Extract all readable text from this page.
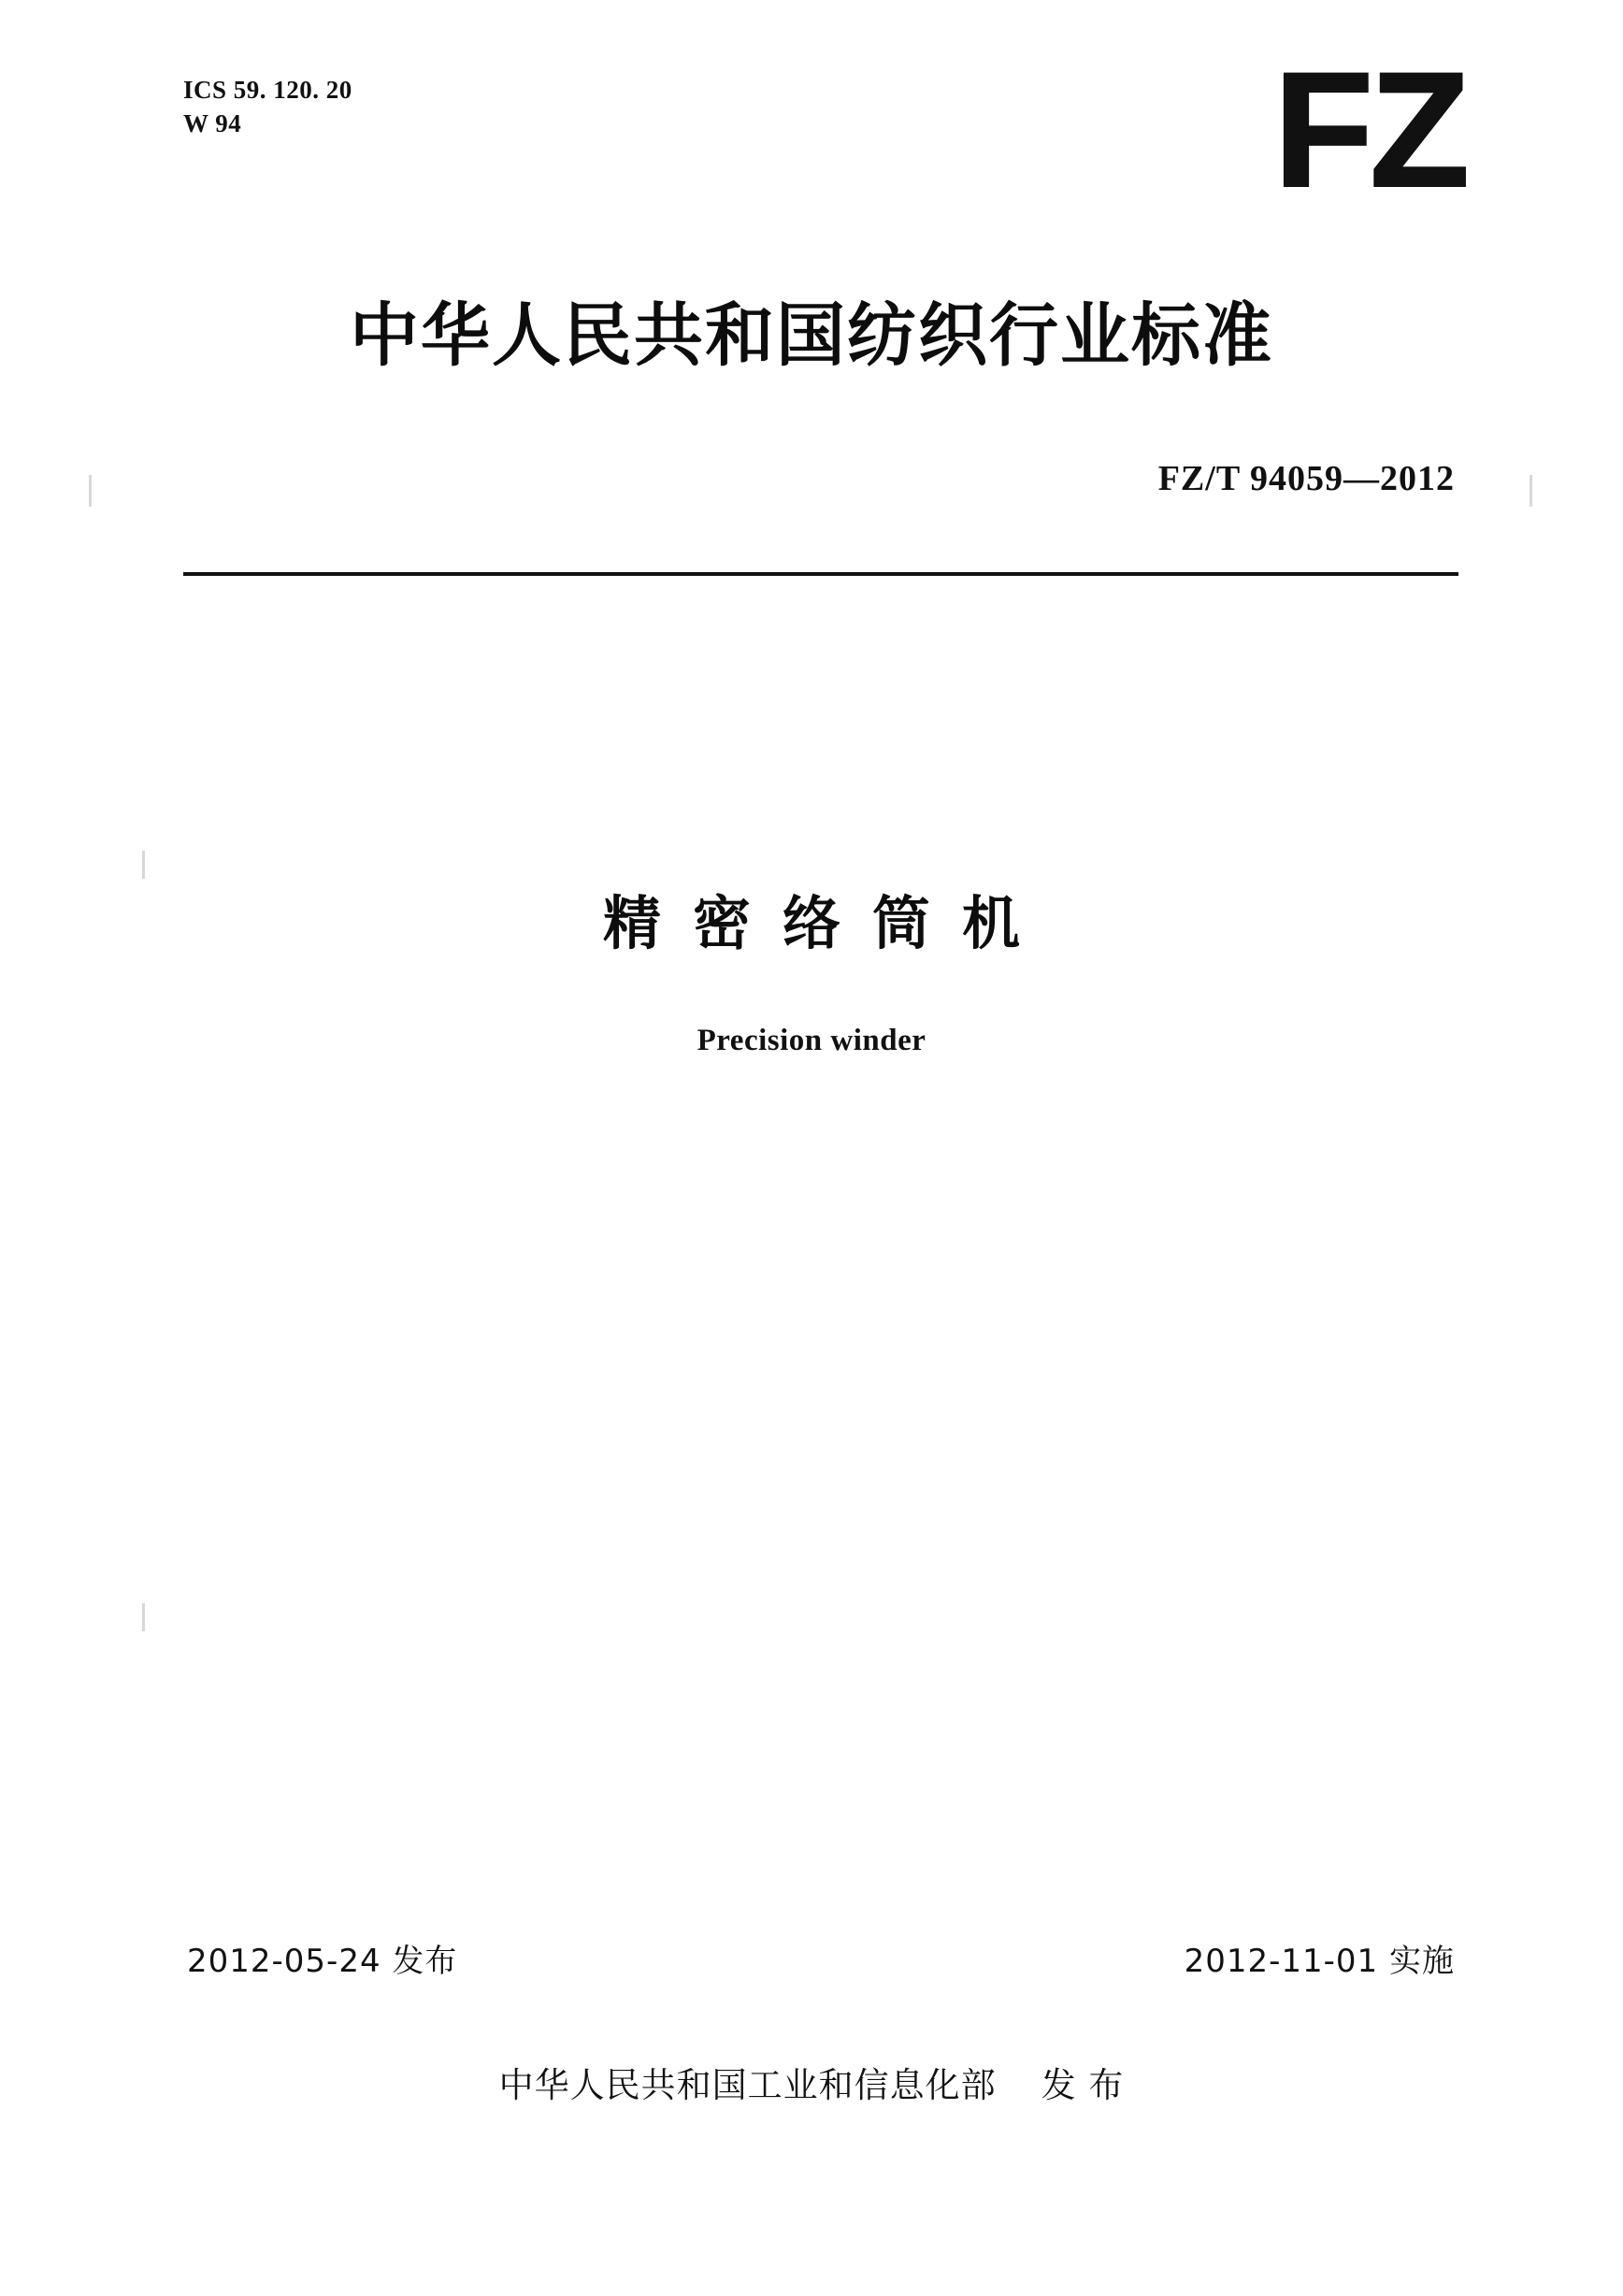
ICS 59. 120. 20
W 94	FZ
中华人民共和国纺织行业标准
FZ/T 94059—2012
精密络筒机
Precision winder
2012-05-24 发布	2012-11-01 实施
中华人民共和国工业和信息化部 发 布
